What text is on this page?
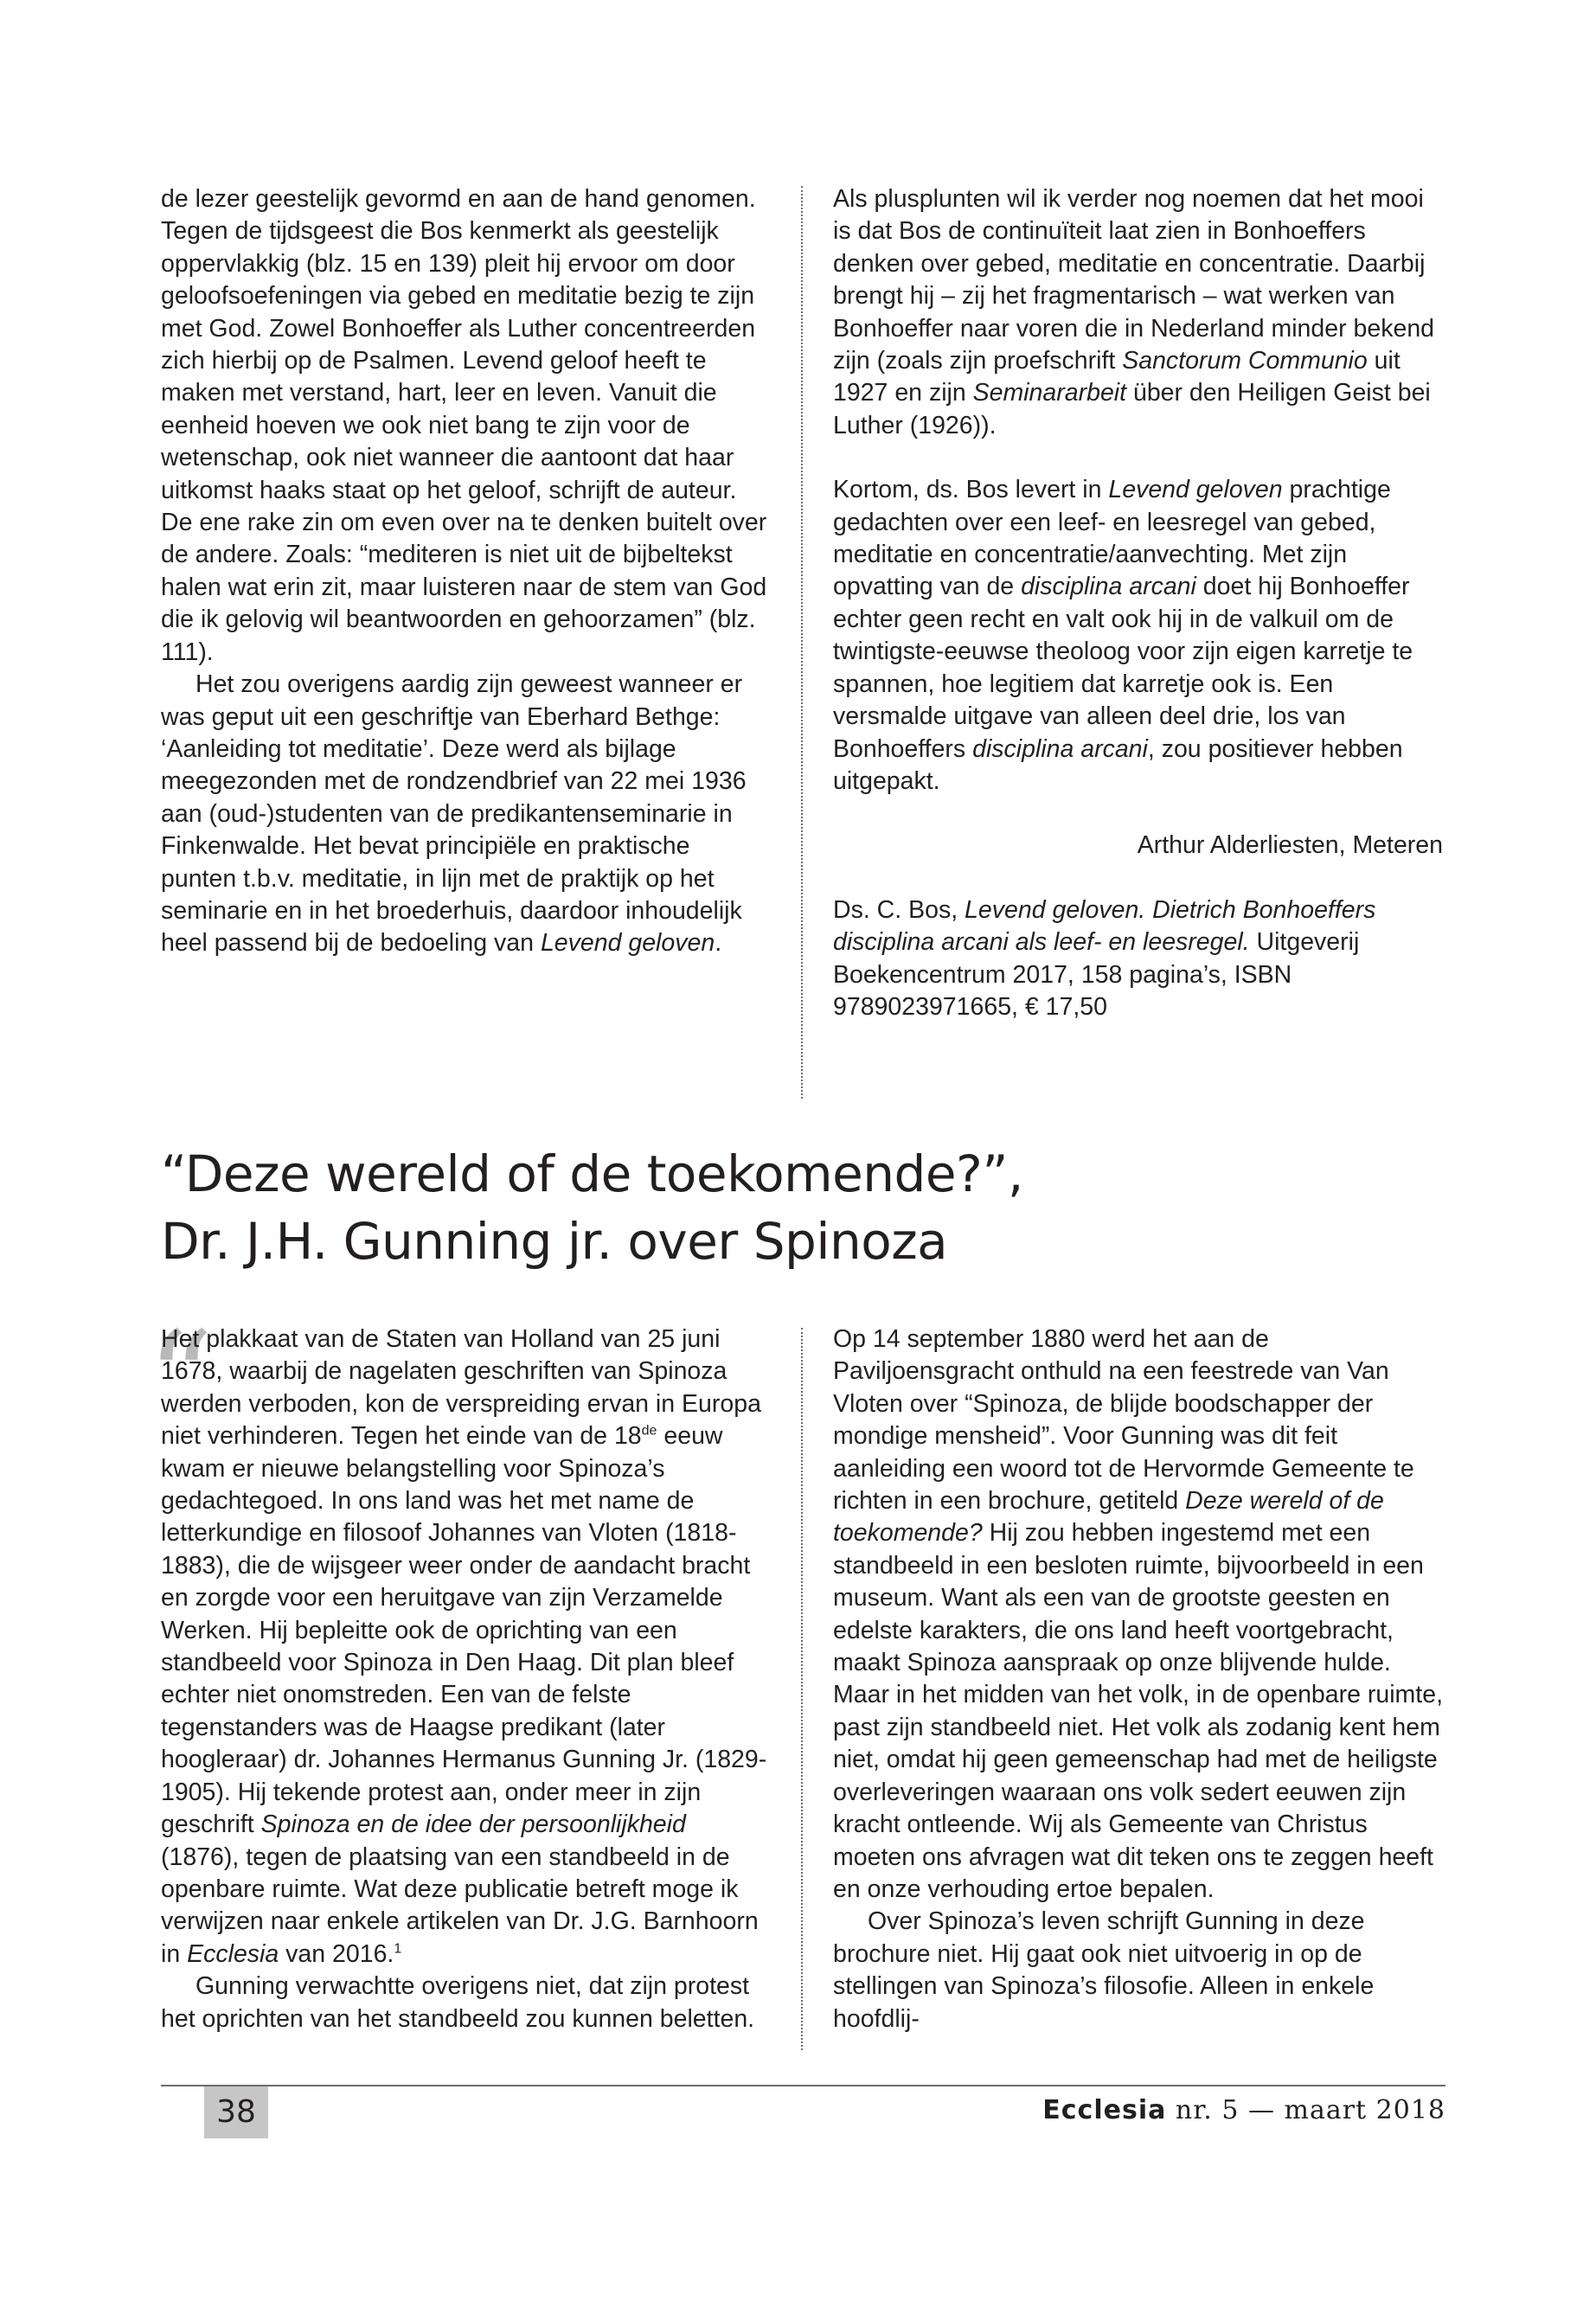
de lezer geestelijk gevormd en aan de hand genomen. Tegen de tijdsgeest die Bos kenmerkt als geestelijk oppervlakkig (blz. 15 en 139) pleit hij ervoor om door geloofsoefeningen via gebed en meditatie bezig te zijn met God. Zowel Bonhoeffer als Luther concentreerden zich hierbij op de Psalmen. Levend geloof heeft te maken met verstand, hart, leer en leven. Vanuit die eenheid hoeven we ook niet bang te zijn voor de wetenschap, ook niet wanneer die aantoont dat haar uitkomst haaks staat op het geloof, schrijft de auteur. De ene rake zin om even over na te denken buitelt over de andere. Zoals: “mediteren is niet uit de bijbeltekst halen wat erin zit, maar luisteren naar de stem van God die ik gelovig wil beantwoorden en gehoorzamen” (blz. 111).

Het zou overigens aardig zijn geweest wanneer er was geput uit een geschriftje van Eberhard Bethge: ‘Aanleiding tot meditatie’. Deze werd als bijlage meegezonden met de rondzendbrief van 22 mei 1936 aan (oud-)studenten van de predikantenseminarie in Finkenwalde. Het bevat principiële en praktische punten t.b.v. meditatie, in lijn met de praktijk op het seminarie en in het broederhuis, daardoor inhoudelijk heel passend bij de bedoeling van Levend geloven.

Als plusplunten wil ik verder nog noemen dat het mooi is dat Bos de continuïteit laat zien in Bonhoeffers denken over gebed, meditatie en concentratie. Daarbij brengt hij – zij het fragmentarisch – wat werken van Bonhoeffer naar voren die in Nederland minder bekend zijn (zoals zijn proefschrift Sanctorum Communio uit 1927 en zijn Seminararbeit über den Heiligen Geist bei Luther (1926)).

Kortom, ds. Bos levert in Levend geloven prachtige gedachten over een leef- en leesregel van gebed, meditatie en concentratie/aanvechting. Met zijn opvatting van de disciplina arcani doet hij Bonhoeffer echter geen recht en valt ook hij in de valkuil om de twintigste-eeuwse theoloog voor zijn eigen karretje te spannen, hoe legitiem dat karretje ook is. Een versmalde uitgave van alleen deel drie, los van Bonhoeffers disciplina arcani, zou positiever hebben uitgepakt.

Arthur Alderliesten, Meteren

Ds. C. Bos, Levend geloven. Dietrich Bonhoeffers disciplina arcani als leef- en leesregel. Uitgeverij Boekencentrum 2017, 158 pagina’s, ISBN 9789023971665, € 17,50

“Deze wereld of de toekomende?”,
Dr. J.H. Gunning jr. over Spinoza
“

Het plakkaat van de Staten van Holland van 25 juni 1678, waarbij de nagelaten geschriften van Spinoza werden verboden, kon de verspreiding ervan in Europa niet verhinderen. Tegen het einde van de 18de eeuw kwam er nieuwe belangstelling voor Spinoza’s gedachtegoed. In ons land was het met name de letterkundige en filosoof Johannes van Vloten (1818-1883), die de wijsgeer weer onder de aandacht bracht en zorgde voor een heruitgave van zijn Verzamelde Werken. Hij bepleitte ook de oprichting van een standbeeld voor Spinoza in Den Haag. Dit plan bleef echter niet onomstreden. Een van de felste tegenstanders was de Haagse predikant (later hoogleraar) dr. Johannes Hermanus Gunning Jr. (1829-1905). Hij tekende protest aan, onder meer in zijn geschrift Spinoza en de idee der persoonlijkheid (1876), tegen de plaatsing van een standbeeld in de openbare ruimte. Wat deze publicatie betreft moge ik verwijzen naar enkele artikelen van Dr. J.G. Barnhoorn in Ecclesia van 2016.$^1$

Gunning verwachtte overigens niet, dat zijn protest het oprichten van het standbeeld zou kunnen beletten.

Op 14 september 1880 werd het aan de Paviljoensgracht onthuld na een feestrede van Van Vloten over “Spinoza, de blijde boodschapper der mondige mensheid”. Voor Gunning was dit feit aanleiding een woord tot de Hervormde Gemeente te richten in een brochure, getiteld Deze wereld of de toekomende? Hij zou hebben ingestemd met een standbeeld in een besloten ruimte, bijvoorbeeld in een museum. Want als een van de grootste geesten en edelste karakters, die ons land heeft voortgebracht, maakt Spinoza aanspraak op onze blijvende hulde. Maar in het midden van het volk, in de openbare ruimte, past zijn standbeeld niet. Het volk als zodanig kent hem niet, omdat hij geen gemeenschap had met de heiligste overleveringen waaraan ons volk sedert eeuwen zijn kracht ontleende. Wij als Gemeente van Christus moeten ons afvragen wat dit teken ons te zeggen heeft en onze verhouding ertoe bepalen.

Over Spinoza’s leven schrijft Gunning in deze brochure niet. Hij gaat ook niet uitvoerig in op de stellingen van Spinoza’s filosofie. Alleen in enkele hoofdlij-

38	Ecclesia nr. 5 — maart 2018
